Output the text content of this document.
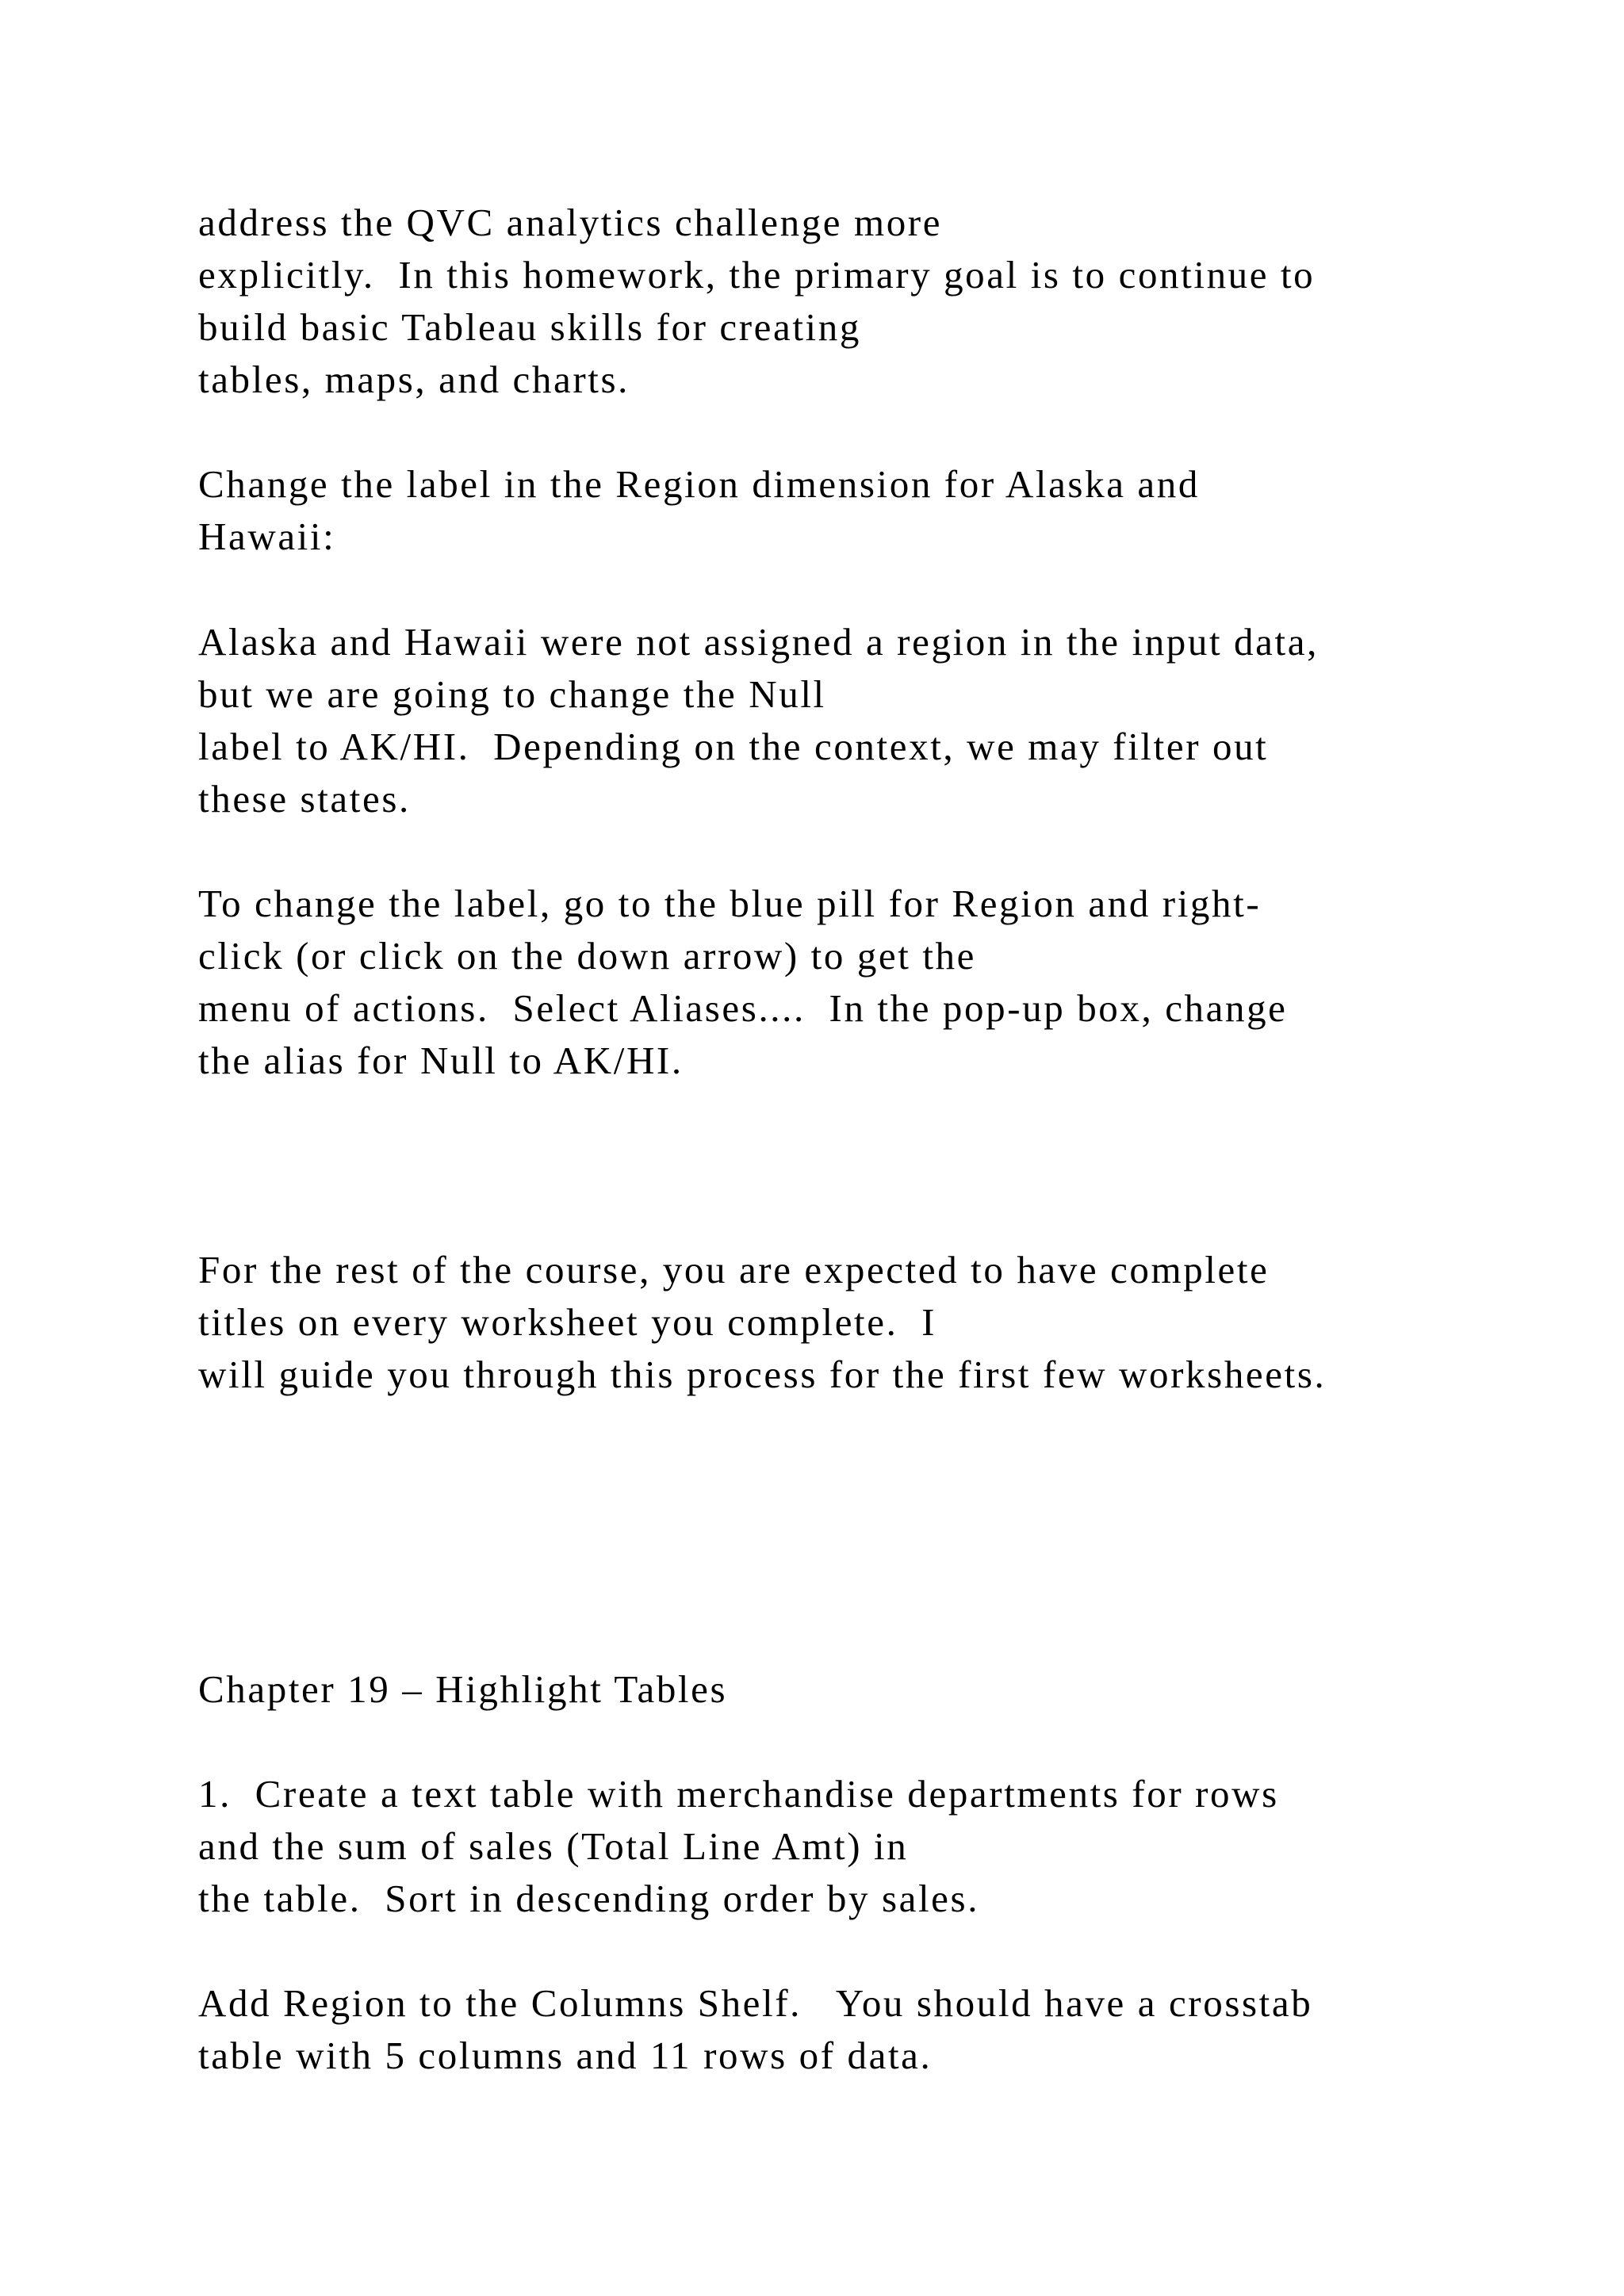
address the QVC analytics challenge more

explicitly.  In this homework, the primary goal is to continue to

build basic Tableau skills for creating

tables, maps, and charts.

Change the label in the Region dimension for Alaska and

Hawaii:

Alaska and Hawaii were not assigned a region in the input data,

but we are going to change the Null

label to AK/HI.  Depending on the context, we may filter out

these states.

To change the label, go to the blue pill for Region and right-

click (or click on the down arrow) to get the

menu of actions.  Select Aliases....  In the pop-up box, change

the alias for Null to AK/HI.

For the rest of the course, you are expected to have complete

titles on every worksheet you complete.  I

will guide you through this process for the first few worksheets.

Chapter 19 – Highlight Tables

1.  Create a text table with merchandise departments for rows

and the sum of sales (Total Line Amt) in

the table.  Sort in descending order by sales.

Add Region to the Columns Shelf.   You should have a crosstab

table with 5 columns and 11 rows of data.
